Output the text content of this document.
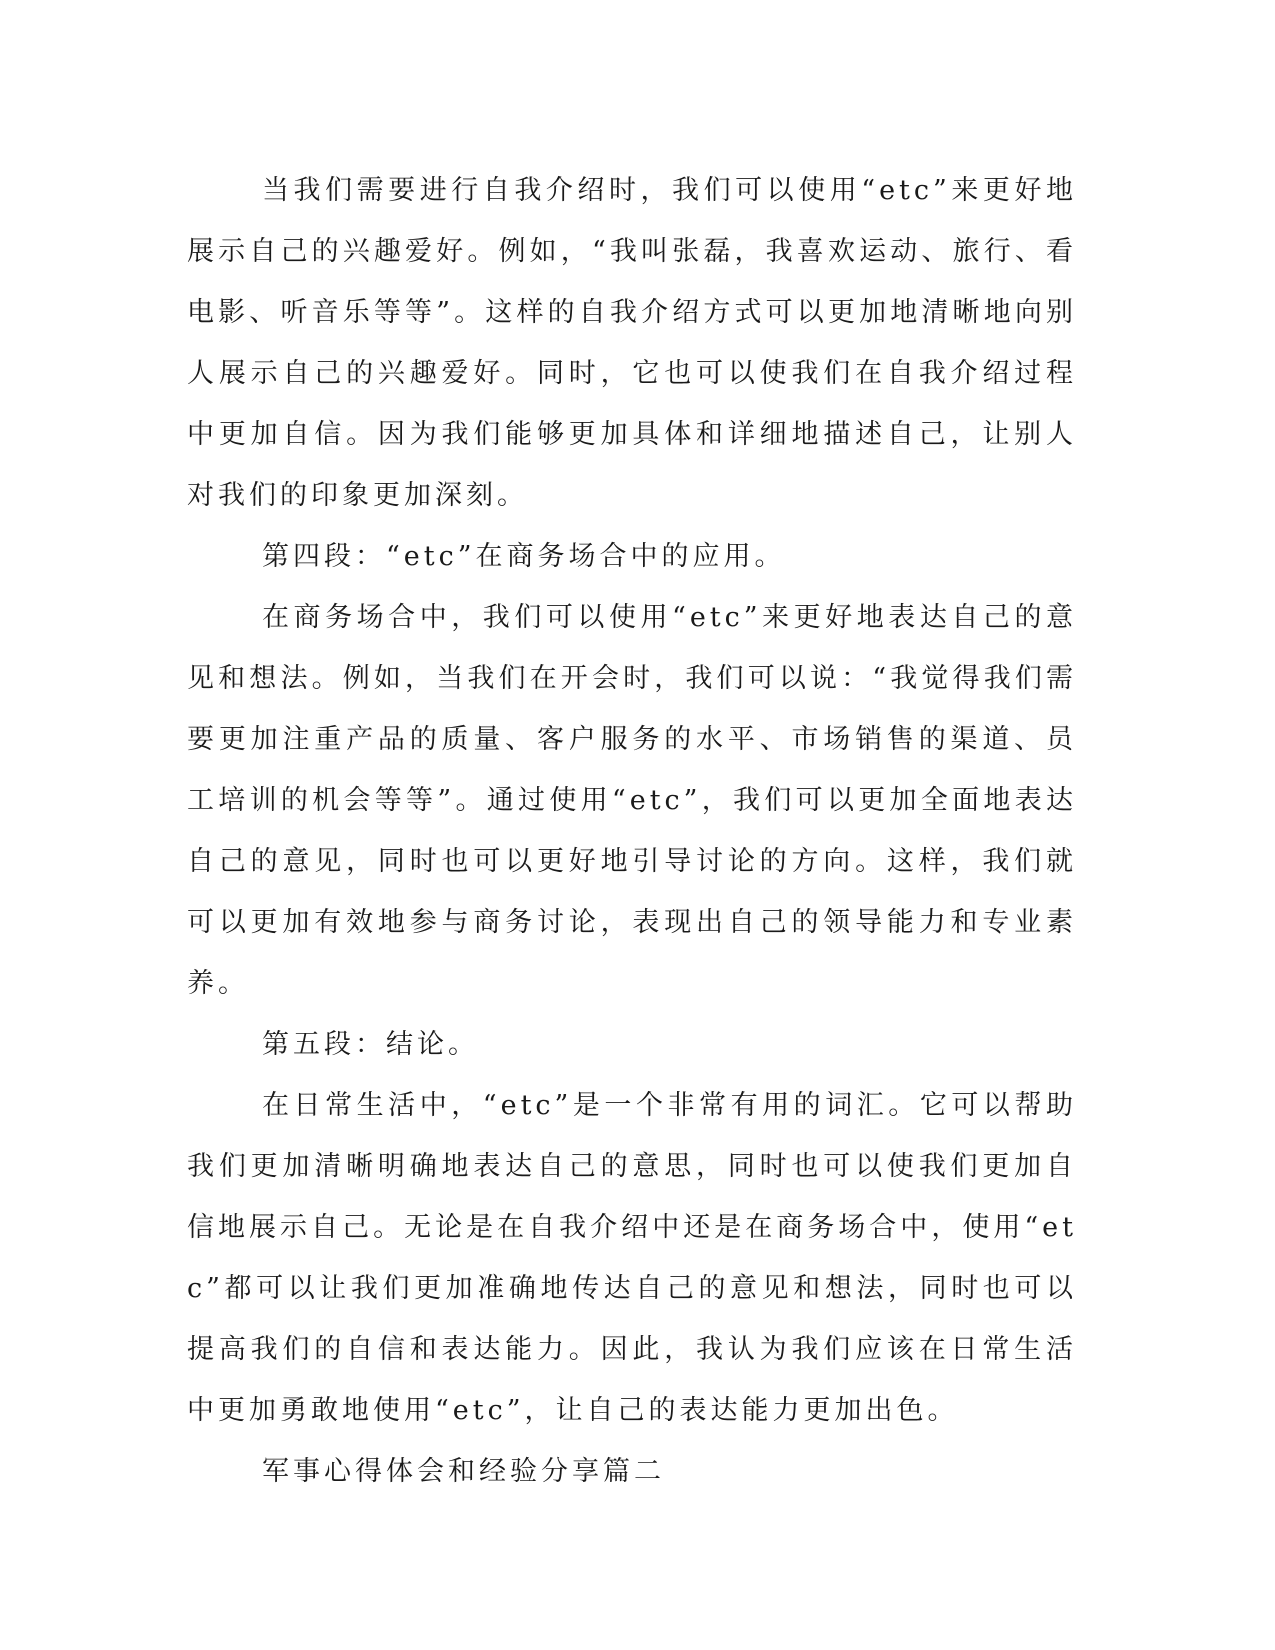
当我们需要进行自我介绍时，我们可以使用“etc”来更好地展示自己的兴趣爱好。例如，“我叫张磊，我喜欢运动、旅行、看电影、听音乐等等”。这样的自我介绍方式可以更加地清晰地向别人展示自己的兴趣爱好。同时，它也可以使我们在自我介绍过程中更加自信。因为我们能够更加具体和详细地描述自己，让别人对我们的印象更加深刻。

第四段：“etc”在商务场合中的应用。

在商务场合中，我们可以使用“etc”来更好地表达自己的意见和想法。例如，当我们在开会时，我们可以说：“我觉得我们需要更加注重产品的质量、客户服务的水平、市场销售的渠道、员工培训的机会等等”。通过使用“etc”，我们可以更加全面地表达自己的意见，同时也可以更好地引导讨论的方向。这样，我们就可以更加有效地参与商务讨论，表现出自己的领导能力和专业素养。

第五段：结论。

在日常生活中，“etc”是一个非常有用的词汇。它可以帮助我们更加清晰明确地表达自己的意思，同时也可以使我们更加自信地展示自己。无论是在自我介绍中还是在商务场合中，使用“etc”都可以让我们更加准确地传达自己的意见和想法，同时也可以提高我们的自信和表达能力。因此，我认为我们应该在日常生活中更加勇敢地使用“etc”，让自己的表达能力更加出色。

军事心得体会和经验分享篇二
